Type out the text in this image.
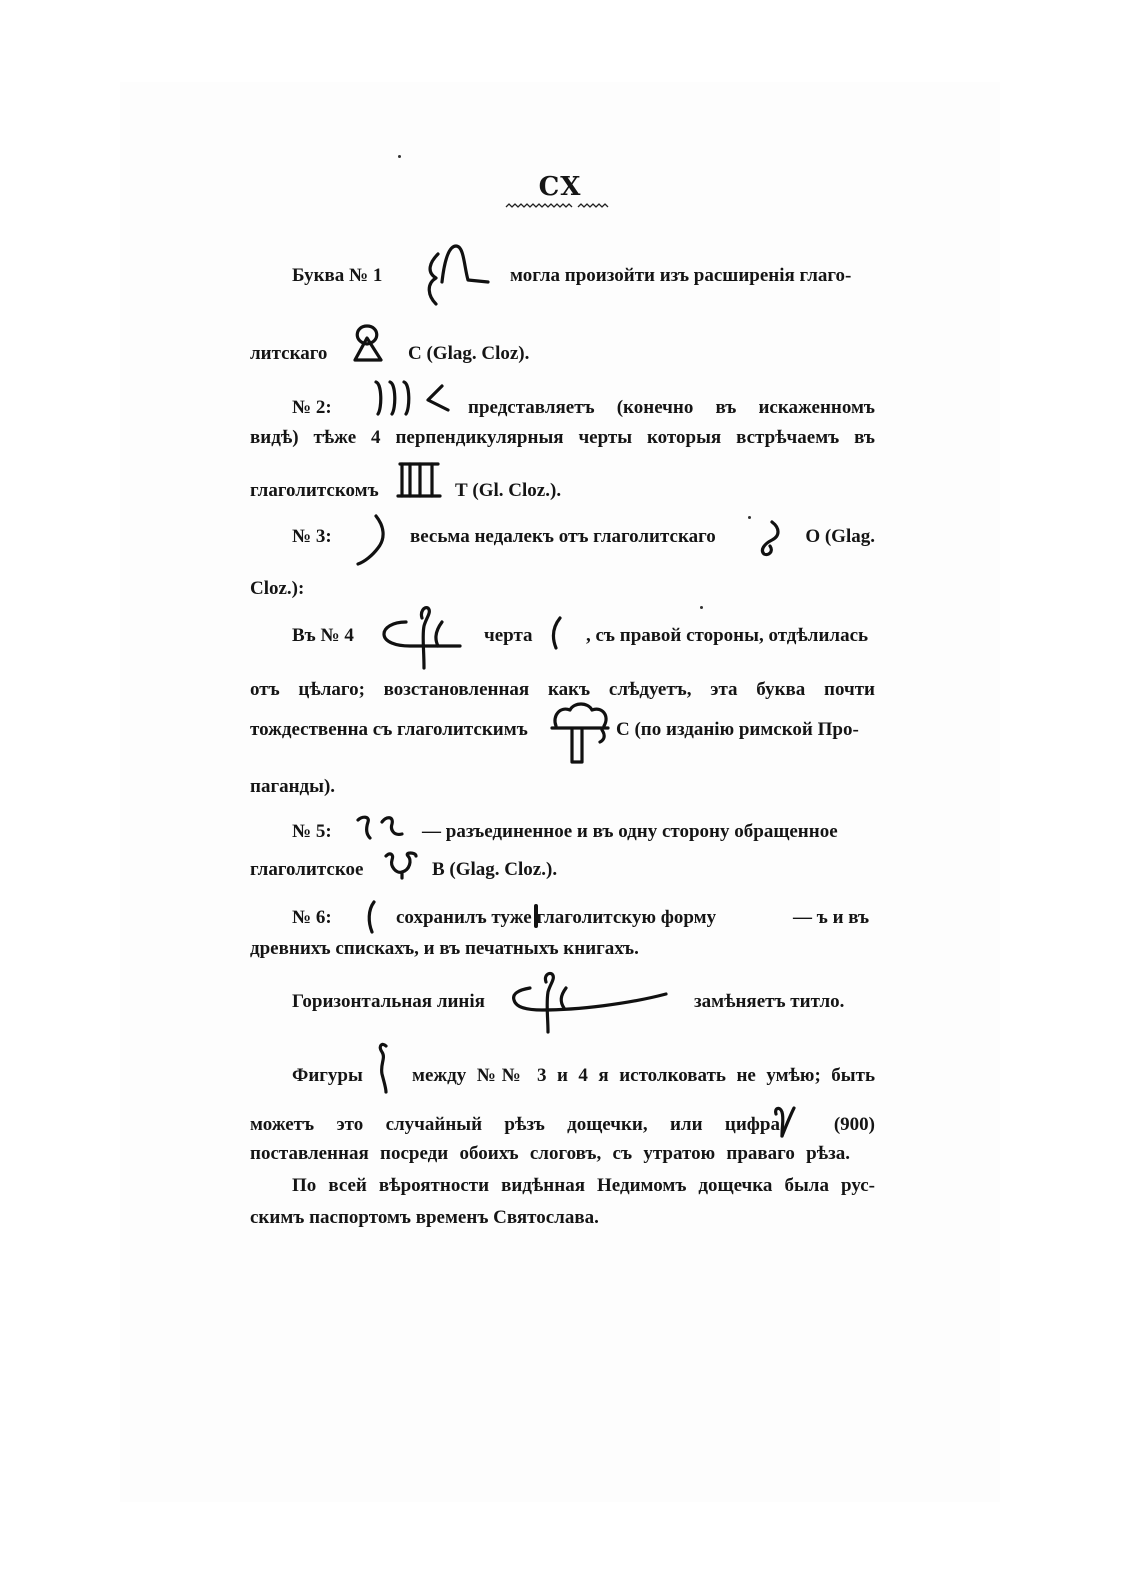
CX
Буква № 1	могла произойти изъ расширенія глаго-
литскаго	С (Glag. Cloz).
№ 2:	представляетъ (конечно въ искаженномъ
видѣ) тѣже 4 перпендикулярныя черты которыя встрѣчаемъ въ
глаголитскомъ	Т (Gl. Cloz.).
№ 3:	весьма недалекъ отъ глаголитскаго	О (Glag.
Cloz.):
Въ № 4	черта	, съ правой стороны, отдѣлилась
отъ цѣлаго; возстановленная какъ слѣдуетъ, эта буква почти
тождественна съ глаголитскимъ	С (по изданію римской Про-
паганды).
№ 5:	— разъединенное и въ одну сторону обращенное
глаголитское	В (Glag. Cloz.).
№ 6:	сохранилъ туже глаголитскую форму	— ъ и въ
древнихъ спискахъ, и въ печатныхъ книгахъ.
Горизонтальная линія	замѣняетъ титло.
Фигуры	между №№ 3 и 4 я истолковать не умѣю; быть
можетъ это случайный рѣзъ дощечки, или цифра	(900)
поставленная посреди обоихъ слоговъ, съ утратою праваго рѣза.
По всей вѣроятности видѣнная Недимомъ дощечка была рус-
скимъ паспортомъ временъ Святослава.
